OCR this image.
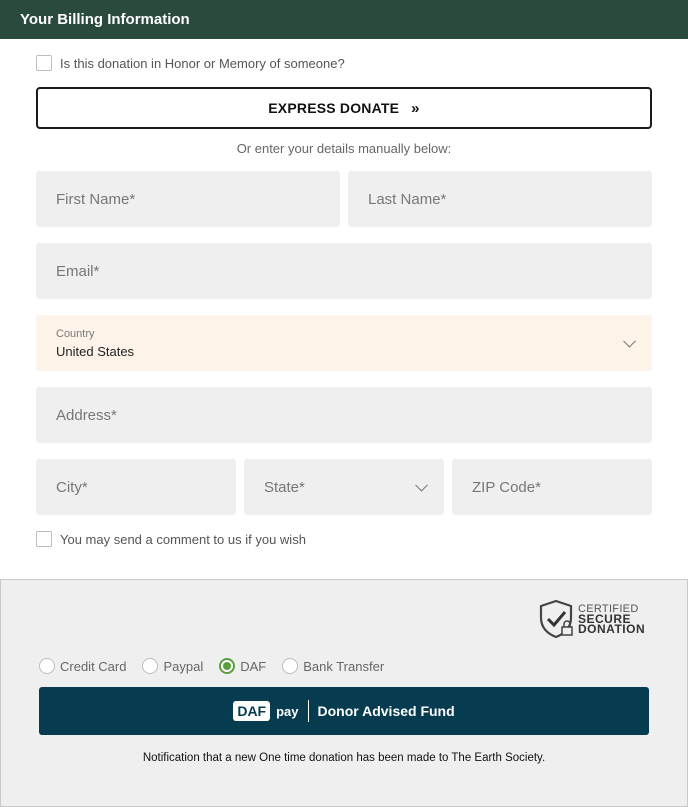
Your Billing Information
Is this donation in Honor or Memory of someone?
EXPRESS DONATE »
Or enter your details manually below:
First Name*	Last Name*
Email*
Country
United States
Address*
City*	State*	ZIP Code*
You may send a comment to us if you wish
CERTIFIED
SECURE
DONATION
Credit Card	Paypal	DAF	Bank Transfer
DAF pay Donor Advised Fund
Notification that a new One time donation has been made to The Earth Society.
